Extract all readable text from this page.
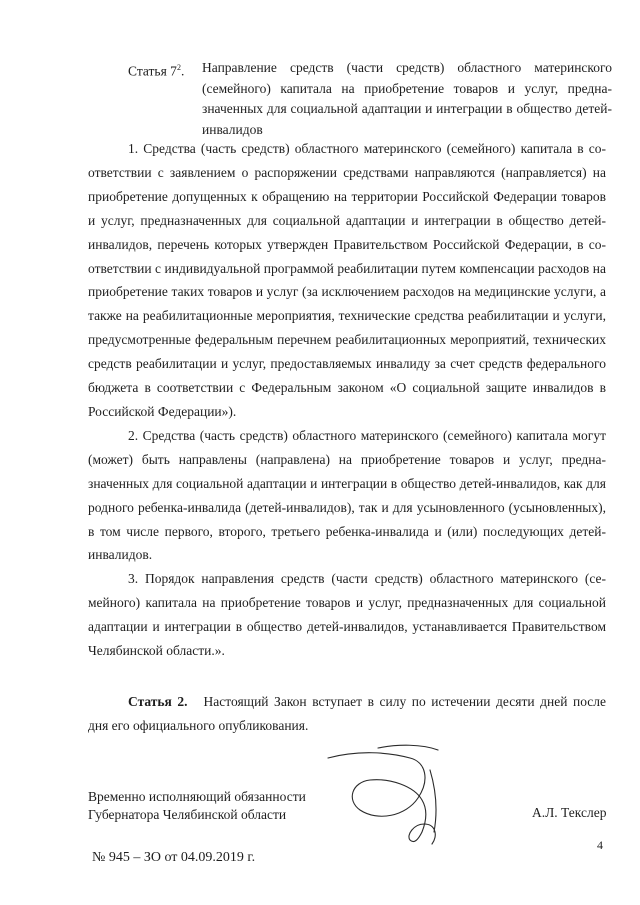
Статья $7^2$.	Направление средств (части средств) областного материнского (семейного) капитала на приобретение товаров и услуг, предназначенных для социальной адаптации и интеграции в общество детей-инвалидов

1. Средства (часть средств) областного материнского (семейного) капитала в соответствии с заявлением о распоряжении средствами направляются (направляется) на приобретение допущенных к обращению на территории Российской Федерации товаров и услуг, предназначенных для социальной адаптации и интеграции в общество детей-инвалидов, перечень которых утвержден Правительством Российской Федерации, в соответствии с индивидуальной программой реабилитации путем компенсации расходов на приобретение таких товаров и услуг (за исключением расходов на медицинские услуги, а также на реабилитационные мероприятия, технические средства реабилитации и услуги, предусмотренные федеральным перечнем реабилитационных мероприятий, технических средств реабилитации и услуг, предоставляемых инвалиду за счет средств федерального бюджета в соответствии с Федеральным законом «О социальной защите инвалидов в Российской Федерации»).

2. Средства (часть средств) областного материнского (семейного) капитала могут (может) быть направлены (направлена) на приобретение товаров и услуг, предназначенных для социальной адаптации и интеграции в общество детей-инвалидов, как для родного ребенка-инвалида (детей-инвалидов), так и для усыновленного (усыновленных), в том числе первого, второго, третьего ребенка-инвалида и (или) последующих детей-инвалидов.

3. Порядок направления средств (части средств) областного материнского (семейного) капитала на приобретение товаров и услуг, предназначенных для социальной адаптации и интеграции в общество детей-инвалидов, устанавливается Правительством Челябинской области.».

Статья 2. Настоящий Закон вступает в силу по истечении десяти дней после дня его официального опубликования.
Временно исполняющий обязанности
Губернатора Челябинской области	А.Л. Текслер
4
№ 945 – ЗО от 04.09.2019 г.
